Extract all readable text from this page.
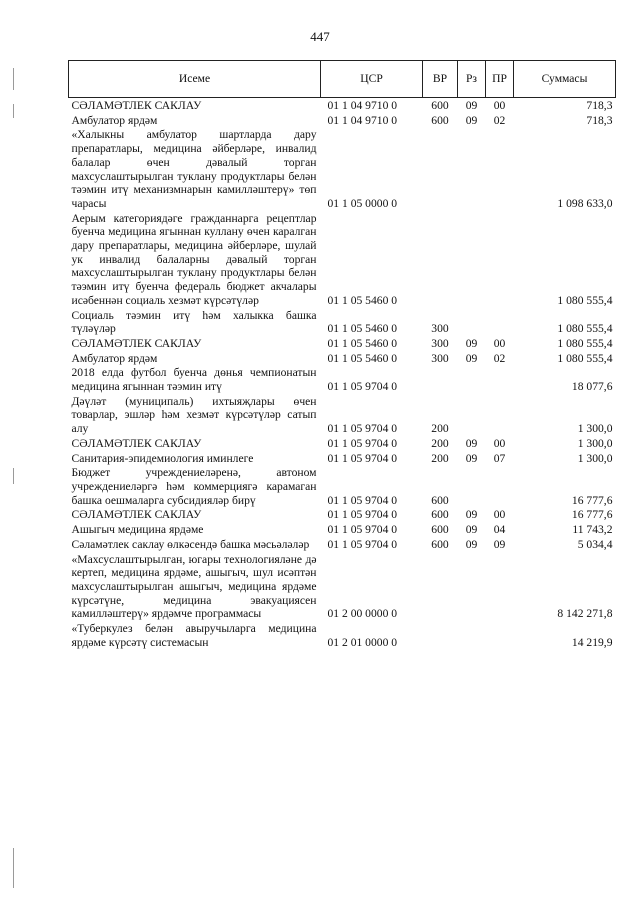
447
Исеме	ЦСР	ВР	Рз	ПР	Суммасы
СӘЛАМӘТЛЕК САКЛАУ	01 1 04 9710 0	600	09	00	718,3
Амбулатор ярдәм	01 1 04 9710 0	600	09	02	718,3
«Халыкны амбулатор шартларда дару препаратлары, медицина әйберләре, инвалид балалар өчен дәвалый торган махсуслаштырылган туклану продуктлары белән тәэмин итү механизмнарын камилләштерү» төп чарасы	01 1 05 0000 0				1 098 633,0
Аерым категориядәге гражданнарга рецептлар буенча медицина ягыннан куллану өчен каралган дару препаратлары, медицина әйберләре, шулай ук инвалид балаларны дәвалый торган махсуслаштырылган туклану продуктлары белән тәэмин итү буенча федераль бюджет акчалары исәбеннән социаль хезмәт күрсәтүләр	01 1 05 5460 0				1 080 555,4
Социаль тәэмин итү һәм халыкка башка түләүләр	01 1 05 5460 0	300			1 080 555,4
СӘЛАМӘТЛЕК САКЛАУ	01 1 05 5460 0	300	09	00	1 080 555,4
Амбулатор ярдәм	01 1 05 5460 0	300	09	02	1 080 555,4
2018 елда футбол буенча дөнья чемпионатын медицина ягыннан тәэмин итү	01 1 05 9704 0				18 077,6
Дәүләт (муниципаль) ихтыяҗлары өчен товарлар, эшләр һәм хезмәт күрсәтүләр сатып алу	01 1 05 9704 0	200			1 300,0
СӘЛАМӘТЛЕК САКЛАУ	01 1 05 9704 0	200	09	00	1 300,0
Санитария-эпидемиология иминлеге	01 1 05 9704 0	200	09	07	1 300,0
Бюджет учреждениеләренә, автоном учреждениеләргә һәм коммерциягә карамаган башка оешмаларга субсидияләр бирү	01 1 05 9704 0	600			16 777,6
СӘЛАМӘТЛЕК САКЛАУ	01 1 05 9704 0	600	09	00	16 777,6
Ашыгыч медицина ярдәме	01 1 05 9704 0	600	09	04	11 743,2
Сәламәтлек саклау өлкәсендә башка мәсьәләләр	01 1 05 9704 0	600	09	09	5 034,4
«Махсуслаштырылган, югары технологияләне дә кертеп, медицина ярдәме, ашыгыч, шул исәптән махсуслаштырылган ашыгыч, медицина ярдәме күрсәтүне, медицина эвакуациясен камилләштерү» ярдәмче программасы	01 2 00 0000 0				8 142 271,8
«Туберкулез белән авыручыларга медицина ярдәме күрсәтү системасын	01 2 01 0000 0				14 219,9
